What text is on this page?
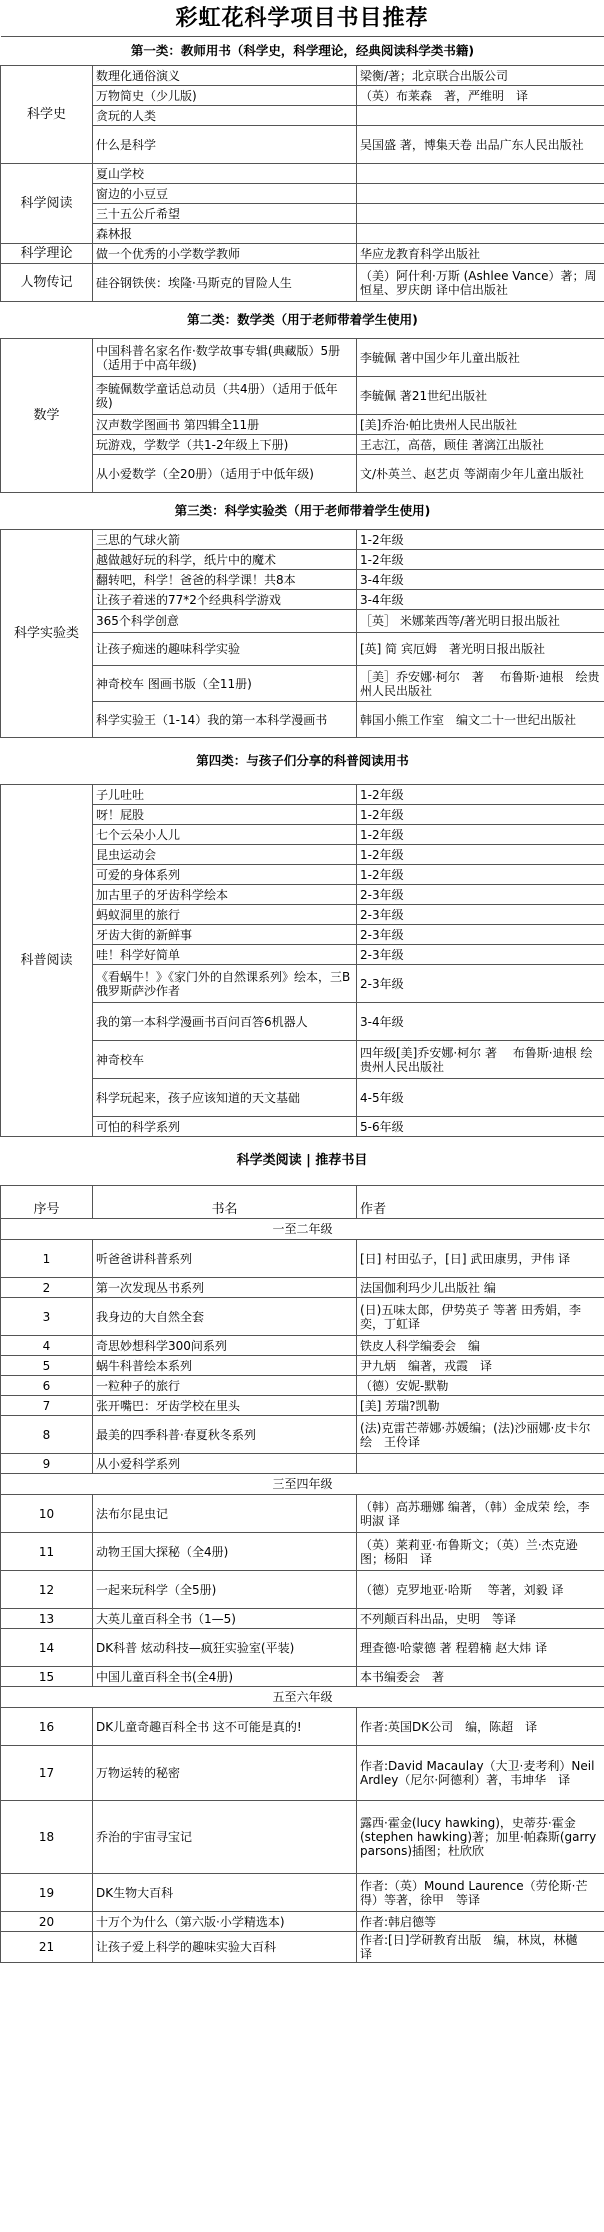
彩虹花科学项目书目推荐
第一类：教师用书（科学史，科学理论，经典阅读科学类书籍)		
科学史	数理化通俗演义	梁衡/著；北京联合出版公司
	万物简史（少儿版)	（英）布莱森　著，严维明　译
	贪玩的人类	
	什么是科学	吴国盛 著，博集天卷 出品广东人民出版社
科学阅读	夏山学校	
	窗边的小豆豆	
	三十五公斤希望	
	森林报	
科学理论	做一个优秀的小学数学教师	华应龙教育科学出版社
人物传记	硅谷钢铁侠：埃隆·马斯克的冒险人生	（美）阿什利·万斯 (Ashlee Vance）著；周恒星、罗庆朗 译中信出版社
第二类：数学类（用于老师带着学生使用)		
数学	中国科普名家名作·数学故事专辑(典藏版）5册（适用于中高年级)	李毓佩 著中国少年儿童出版社
	李毓佩数学童话总动员（共4册）（适用于低年级)	李毓佩 著21世纪出版社
	汉声数学图画书 第四辑全11册	[美]乔治·帕比贵州人民出版社
	玩游戏，学数学（共1-2年级上下册)	王志江，高蓓，顾佳 著漓江出版社
	从小爱数学（全20册）（适用于中低年级)	文/朴英兰、赵艺贞 等湖南少年儿童出版社
第三类：科学实验类（用于老师带着学生使用)		
科学实验类	三思的气球火箭	1-2年级
	越做越好玩的科学，纸片中的魔术	1-2年级
	翻转吧，科学！爸爸的科学课！共8本	3-4年级
	让孩子着迷的77*2个经典科学游戏	3-4年级
	365个科学创意	［英］ 米娜莱西等/著光明日报出版社
	让孩子痴迷的趣味科学实验	[英] 简 宾厄姆　著光明日报出版社
	神奇校车 图画书版（全11册)	［美］乔安娜·柯尔　著　 布鲁斯·迪根　绘贵州人民出版社
	科学实验王（1-14）我的第一本科学漫画书	韩国小熊工作室　编文二十一世纪出版社
第四类：与孩子们分享的科普阅读用书		
科普阅读	子儿吐吐	1-2年级
	呀！屁股	1-2年级
	七个云朵小人儿	1-2年级
	昆虫运动会	1-2年级
	可爱的身体系列	1-2年级
	加古里子的牙齿科学绘本	2-3年级
	蚂蚁洞里的旅行	2-3年级
	牙齿大街的新鲜事	2-3年级
	哇！科学好简单	2-3年级
	《看蜗牛！》《家门外的自然课系列》绘本，三B 俄罗斯萨沙作者	2-3年级
	我的第一本科学漫画书百问百答6机器人	3-4年级
	神奇校车	四年级[美]乔安娜·柯尔 著　 布鲁斯·迪根 绘贵州人民出版社
	科学玩起来，孩子应该知道的天文基础	4-5年级
	可怕的科学系列	5-6年级
科学类阅读 | 推荐书目
序号	书名	作者
一至二年级		
1	听爸爸讲科普系列	[日] 村田弘子，[日] 武田康男，尹伟 译
2	第一次发现丛书系列	法国伽利玛少儿出版社 编
3	我身边的大自然全套	(日)五味太郎，伊势英子 等著 田秀娟，李奕，丁虹译
4	奇思妙想科学300问系列	铁皮人科学编委会　编
5	蜗牛科普绘本系列	尹九炳　编著，戎霞　译
6	一粒种子的旅行	（德）安妮-默勒
7	张开嘴巴：牙齿学校在里头	[美] 芳瑞?凯勒
8	最美的四季科普·春夏秋冬系列	(法)克雷芒蒂娜·苏媛编；(法)沙丽娜·皮卡尔绘　王伶译
9	从小爱科学系列	
三至四年级		
10	法布尔昆虫记	（韩）高苏珊娜 编著，（韩）金成荣 绘，李明淑 译
11	动物王国大探秘（全4册)	（英）莱莉亚·布鲁斯文；（英）兰·杰克逊图；杨阳　译
12	一起来玩科学（全5册)	（德）克罗地亚·哈斯　 等著，刘毅 译
13	大英儿童百科全书（1—5)	不列颠百科出品，史明　等译
14	DK科普 炫动科技—疯狂实验室(平装)	理查德·哈蒙德 著 程碧楠 赵大炜 译
15	中国儿童百科全书(全4册)	本书编委会　著
五至六年级		
16	DK儿童奇趣百科全书 这不可能是真的!	作者:英国DK公司　编，陈超　译
17	万物运转的秘密	作者:David Macaulay（大卫·麦考利）Neil Ardley（尼尔·阿德利）著，韦坤华　译
18	乔治的宇宙寻宝记	露西·霍金(lucy hawking)，史蒂芬·霍金(stephen hawking)著；加里·帕森斯(garry parsons)插图；杜欣欣
19	DK生物大百科	作者:（英）Mound Laurence（劳伦斯·芒得）等著，徐甲　等译
20	十万个为什么（第六版·小学精选本)	作者:韩启德等
21	让孩子爱上科学的趣味实验大百科	作者:[日]学研教育出版　编，林岚，林樾　译
